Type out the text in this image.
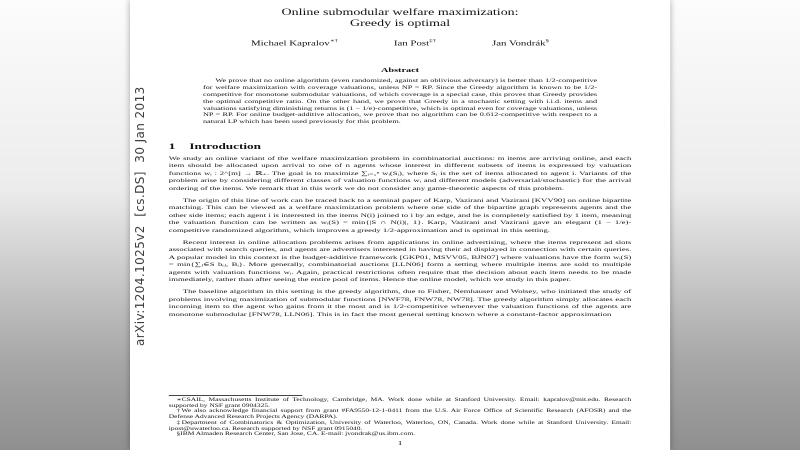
Online submodular welfare maximization:
Greedy is optimal
Michael Kapralov∗†	Ian Post‡†	Jan Vondrák§
Abstract

We prove that no online algorithm (even randomized, against an oblivious adversary) is better than 1/2-competitive for welfare maximization with coverage valuations, unless NP = RP. Since the Greedy algorithm is known to be 1/2-competitive for monotone submodular valuations, of which coverage is a special case, this proves that Greedy provides the optimal competitive ratio. On the other hand, we prove that Greedy in a stochastic setting with i.i.d. items and valuations satisfying diminishing returns is (1 − 1/e)-competitive, which is optimal even for coverage valuations, unless NP = RP. For online budget-additive allocation, we prove that no algorithm can be 0.612-competitive with respect to a natural LP which has been used previously for this problem.

1 Introduction

We study an online variant of the welfare maximization problem in combinatorial auctions: m items are arriving online, and each item should be allocated upon arrival to one of n agents whose interest in different subsets of items is expressed by valuation functions wᵢ : 2^[m] → ℝ₊. The goal is to maximize ∑ᵢ₌₁ⁿ wᵢ(Sᵢ), where Sᵢ is the set of items allocated to agent i. Variants of the problem arise by considering different classes of valuation functions wᵢ and different models (adversarial/stochastic) for the arrival ordering of the items. We remark that in this work we do not consider any game-theoretic aspects of this problem.

The origin of this line of work can be traced back to a seminal paper of Karp, Vazirani and Vazirani [KVV90] on online bipartite matching. This can be viewed as a welfare maximization problem where one side of the bipartite graph represents agents and the other side items; each agent i is interested in the items N(i) joined to i by an edge, and he is completely satisfied by 1 item, meaning the valuation function can be written as wᵢ(S) = min{|S ∩ N(i)|, 1}. Karp, Vazirani and Vazirani gave an elegant (1 − 1/e)-competitive randomized algorithm, which improves a greedy 1/2-approximation and is optimal in this setting.

Recent interest in online allocation problems arises from applications in online advertising, where the items represent ad slots associated with search queries, and agents are advertisers interested in having their ad displayed in connection with certain queries. A popular model in this context is the budget-additive framework [GKP01, MSVV05, BJN07] where valuations have the form wᵢ(S) = min{∑ⱼ∈S bᵢⱼ, Bᵢ}. More generally, combinatorial auctions [LLN06] form a setting where multiple items are sold to multiple agents with valuation functions wᵢ. Again, practical restrictions often require that the decision about each item needs to be made immediately, rather than after seeing the entire pool of items. Hence the online model, which we study in this paper.

The baseline algorithm in this setting is the greedy algorithm, due to Fisher, Nemhauser and Wolsey, who initiated the study of problems involving maximization of submodular functions [NWF78, FNW78, NW78]. The greedy algorithm simply allocates each incoming item to the agent who gains from it the most and is 1/2-competitive whenever the valuation functions of the agents are monotone submodular [FNW78, LLN06]. This is in fact the most general setting known where a constant-factor approximation

∗CSAIL, Massachusetts Institute of Technology, Cambridge, MA. Work done while at Stanford University. Email: kapralov@mit.edu. Research supported by NSF grant 0904325.

†We also acknowledge financial support from grant #FA9550-12-1-0411 from the U.S. Air Force Office of Scientific Research (AFOSR) and the Defense Advanced Research Projects Agency (DARPA).

‡Department of Combinatorics & Optimization, University of Waterloo, Waterloo, ON, Canada. Work done while at Stanford University. Email: ipost@uwaterloo.ca. Research supported by NSF grant 0915040.

§IBM Almaden Research Center, San Jose, CA. E-mail: jvondrak@us.ibm.com.

1
arXiv:1204.1025v2  [cs.DS]  30 Jan 2013
